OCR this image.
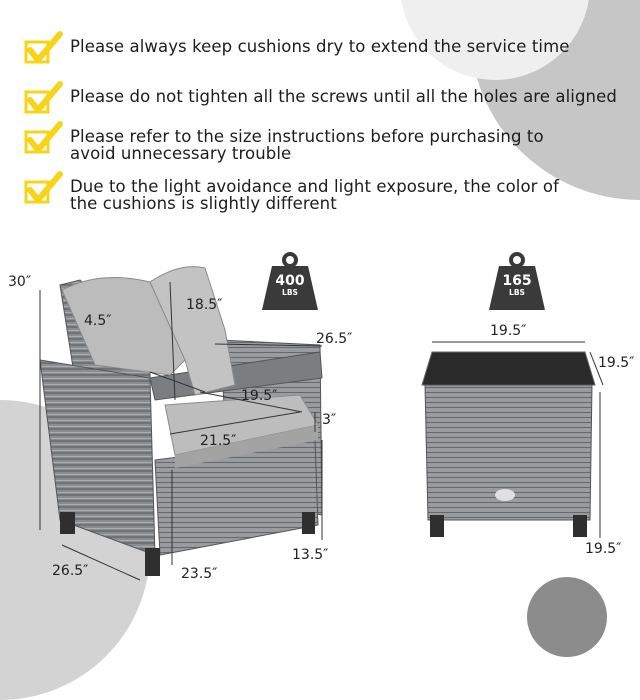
Please always keep cushions dry to extend the service time
Please do not tighten all the screws until all the holes are aligned
Please refer to the size instructions before purchasing to
avoid unnecessary trouble
Due to the light avoidance and light exposure, the color of
the cushions is slightly different
400
LBS
165
LBS
30″
4.5″
18.5″
26.5″
19.5″
3″
21.5″
26.5″
13.5″
23.5″
19.5″
19.5″
19.5″
